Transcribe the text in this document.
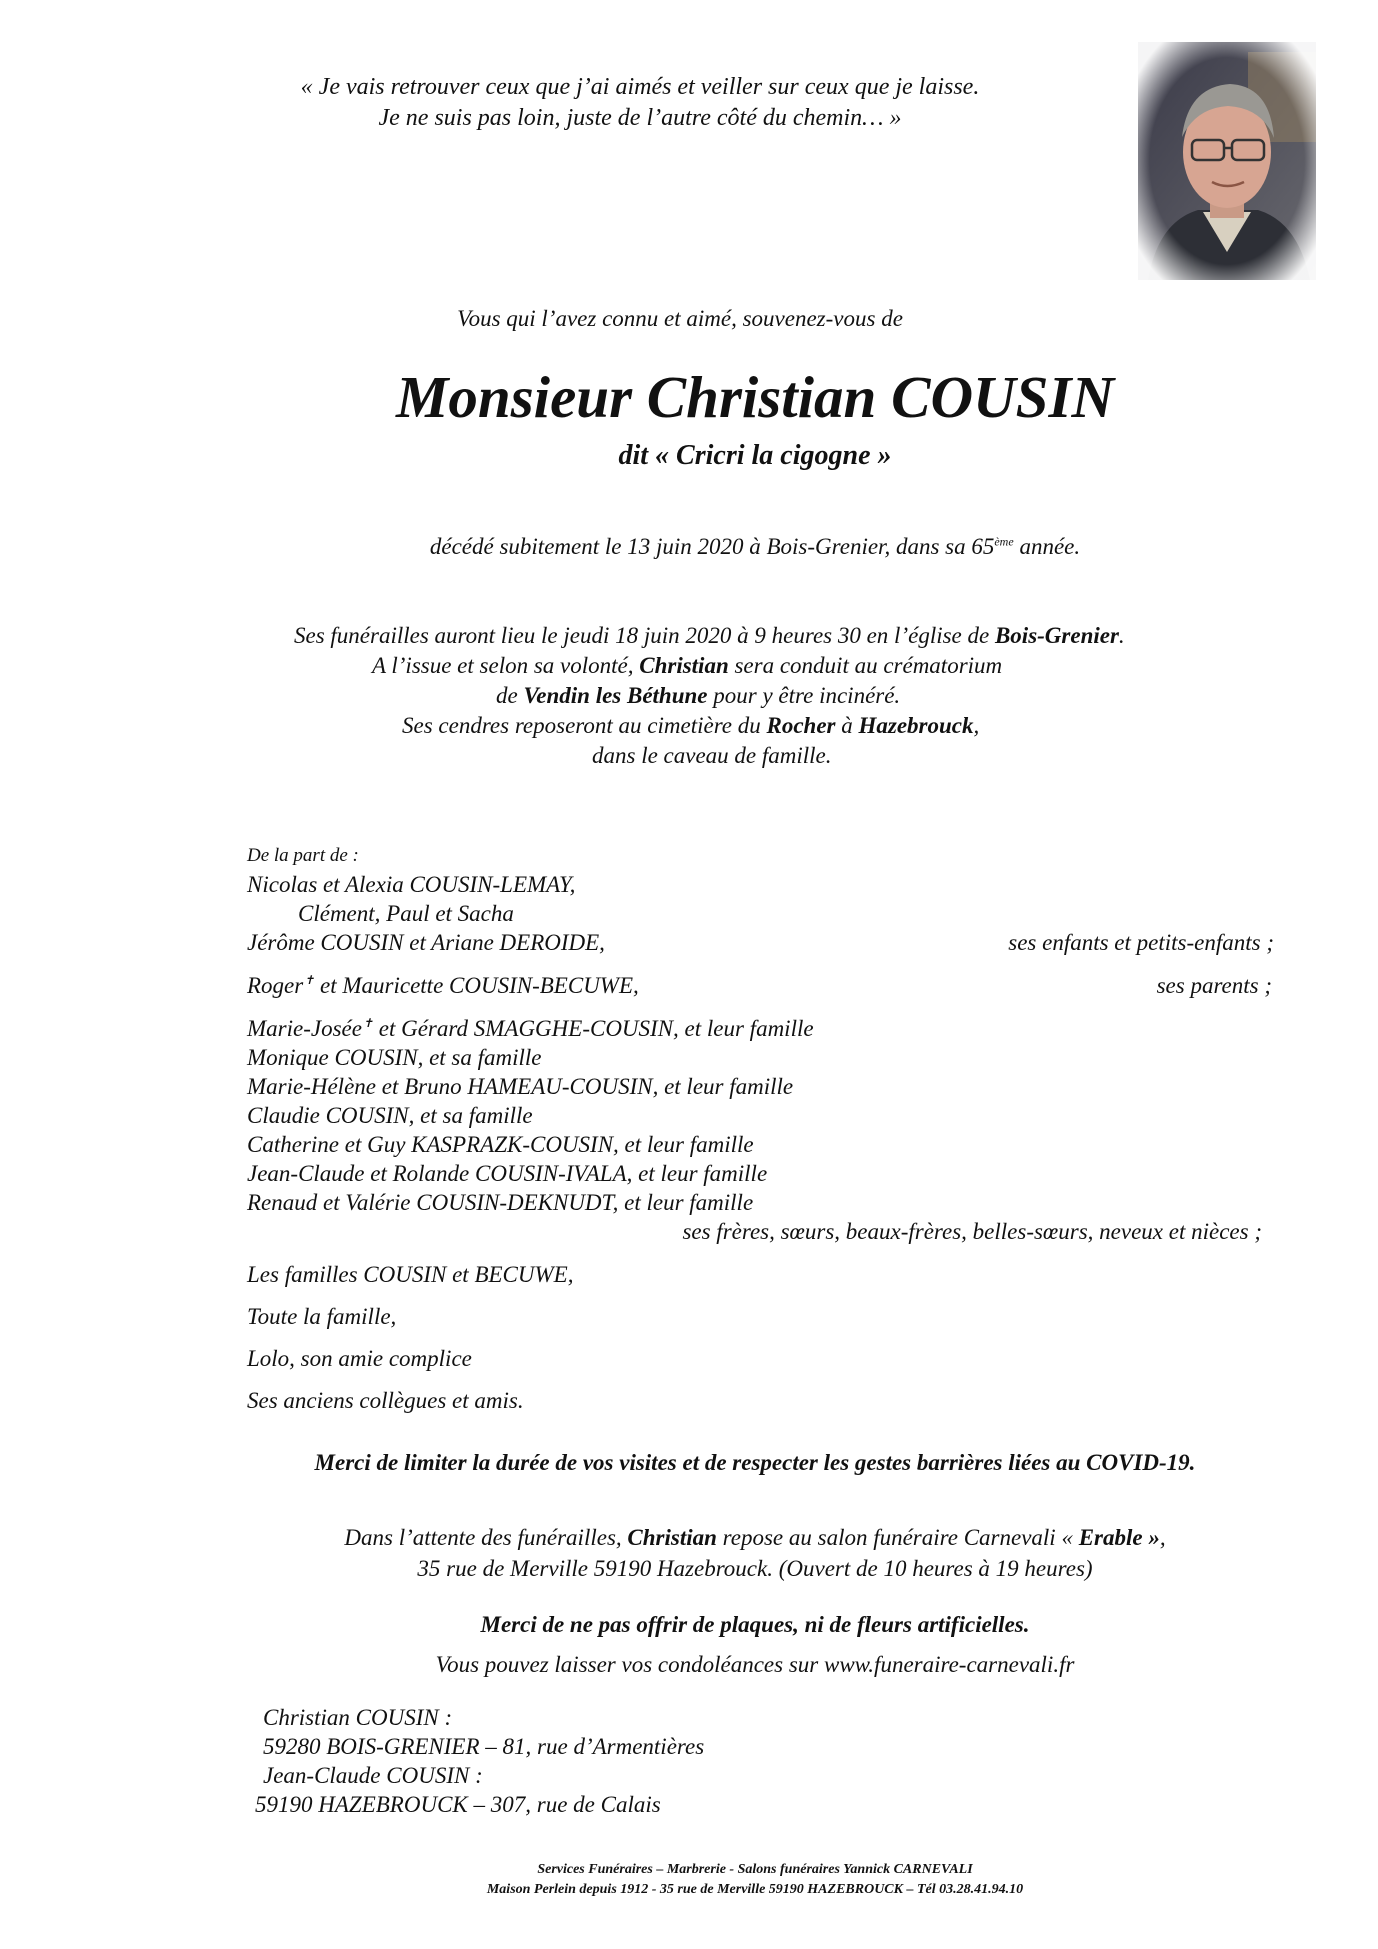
« Je vais retrouver ceux que j’ai aimés et veiller sur ceux que je laisse.
Je ne suis pas loin, juste de l’autre côté du chemin… »
Vous qui l’avez connu et aimé, souvenez-vous de
Monsieur Christian COUSIN
dit « Cricri la cigogne »
décédé subitement le 13 juin 2020 à Bois-Grenier, dans sa 65ème année.
Ses funérailles auront lieu le jeudi 18 juin 2020 à 9 heures 30 en l’église de Bois-Grenier.
A l’issue et selon sa volonté, Christian sera conduit au crématorium
de Vendin les Béthune pour y être incinéré.
Ses cendres reposeront au cimetière du Rocher à Hazebrouck,
dans le caveau de famille.
De la part de :
Nicolas et Alexia COUSIN-LEMAY,
Clément, Paul et Sacha
Jérôme COUSIN et Ariane DEROIDE,	ses enfants et petits-enfants ;
Roger✝ et Mauricette COUSIN-BECUWE,	ses parents ;
Marie-Josée✝ et Gérard SMAGGHE-COUSIN, et leur famille
Monique COUSIN, et sa famille
Marie-Hélène et Bruno HAMEAU-COUSIN, et leur famille
Claudie COUSIN, et sa famille
Catherine et Guy KASPRAZK-COUSIN, et leur famille
Jean-Claude et Rolande COUSIN-IVALA, et leur famille
Renaud et Valérie COUSIN-DEKNUDT, et leur famille
ses frères, sœurs, beaux-frères, belles-sœurs, neveux et nièces ;
Les familles COUSIN et BECUWE,
Toute la famille,
Lolo, son amie complice
Ses anciens collègues et amis.
Merci de limiter la durée de vos visites et de respecter les gestes barrières liées au COVID-19.
Dans l’attente des funérailles, Christian repose au salon funéraire Carnevali « Erable »,
35 rue de Merville 59190 Hazebrouck. (Ouvert de 10 heures à 19 heures)
Merci de ne pas offrir de plaques, ni de fleurs artificielles.
Vous pouvez laisser vos condoléances sur www.funeraire-carnevali.fr
Christian COUSIN :
59280 BOIS-GRENIER – 81, rue d’Armentières
Jean-Claude COUSIN :
59190 HAZEBROUCK – 307, rue de Calais
Services Funéraires – Marbrerie - Salons funéraires Yannick CARNEVALI
Maison Perlein depuis 1912 - 35 rue de Merville 59190 HAZEBROUCK – Tél 03.28.41.94.10
